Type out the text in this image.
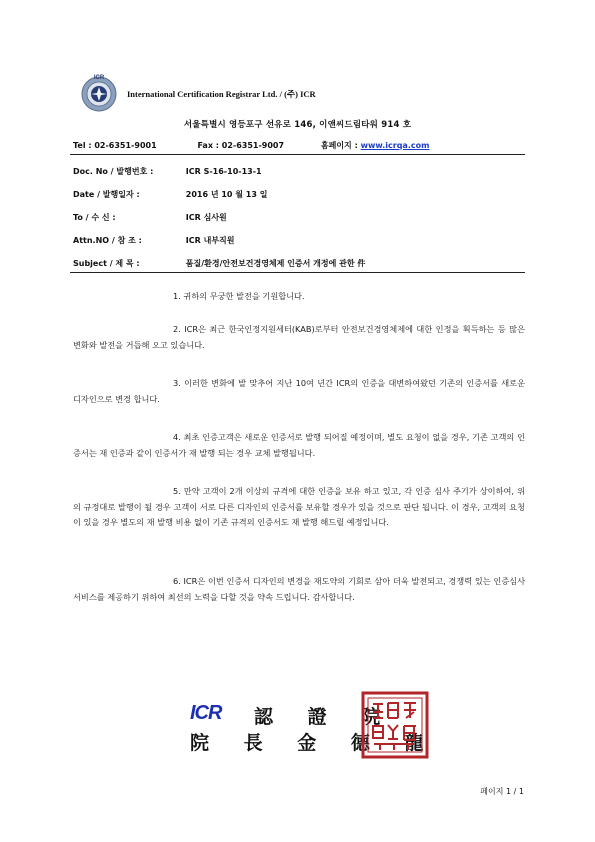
ICR
International Certification Registrar Ltd. / (주) ICR
서울특별시 영등포구 선유로 146, 이앤씨드림타워 914 호
Tel : 02-6351-9001	Fax : 02-6351-9007	홈페이지 : www.icrqa.com
Doc. No / 발행번호 :	ICR S-16-10-13-1
Date / 발행일자 :	2016 년 10 월 13 일
To / 수 신 :	ICR 심사원
Attn.NO / 참 조 :	ICR 내부직원
Subject / 제 목 :	품질/환경/안전보건경영체제 인증서 개정에 관한 件

1. 귀하의 무궁한 발전을 기원합니다.

2. ICR은 최근 한국인정지원세터(KAB)로부터 안전보건경영체제에 대한 인정을 획득하는 등 많은 변화와 발전을 거듭해 오고 있습니다.

3. 이러한 변화에 발 맞추어 지난 10여 년간 ICR의 인증을 대변하여왔던 기존의 인증서를 새로운 디자인으로 변경 합니다.

4. 최초 인증고객은 새로운 인증서로 발행 되어질 예정이며, 별도 요청이 없을 경우, 기존 고객의 인증서는 재 인증과 같이 인증서가 재 발행 되는 경우 교체 발행됩니다.

5. 만약 고객이 2개 이상의 규격에 대한 인증을 보유 하고 있고, 각 인증 심사 주기가 상이하여, 위의 규정대로 발행이 될 경우 고객이 서로 다른 디자인의 인증서를 보유할 경우가 있을 것으로 판단 됩니다. 이 경우, 고객의 요청이 있을 경우 별도의 재 발행 비용 없이 기존 규격의 인증서도 재 발행 해드릴 예정입니다.

6. ICR은 이번 인증서 디자인의 변경을 재도약의 기회로 삼아 더욱 발전되고, 경쟁력 있는 인증심사 서비스를 제공하기 위하여 최선의 노력을 다할 것을 약속 드립니다. 감사합니다.

ICR 認 證 院
院 長 金 德 龍
페이지 1 / 1
